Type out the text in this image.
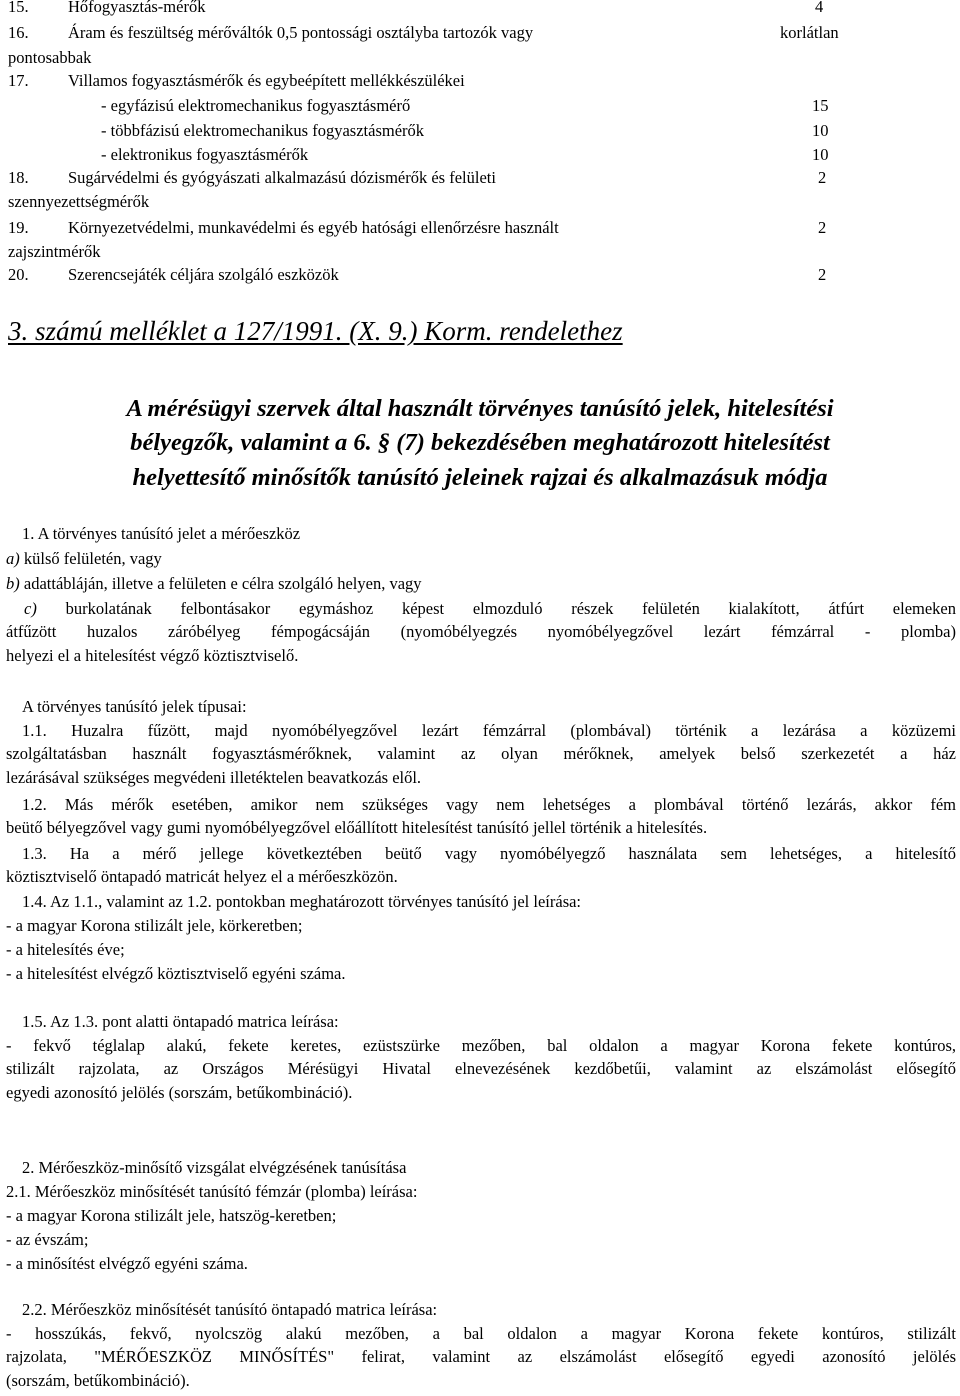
15. Hőfogyasztás-mérők	4
16. Áram és feszültség mérőváltók 0,5 pontossági osztályba tartozók vagy	korlátlan
pontosabbak
17. Villamos fogyasztásmérők és egybeépített mellékkészülékei
- egyfázisú elektromechanikus fogyasztásmérő	15
- többfázisú elektromechanikus fogyasztásmérők	10
- elektronikus fogyasztásmérők	10
18. Sugárvédelmi és gyógyászati alkalmazású dózismérők és felületi	2
szennyezettségmérők
19. Környezetvédelmi, munkavédelmi és egyéb hatósági ellenőrzésre használt	2
zajszintmérők
20. Szerencsejáték céljára szolgáló eszközök	2
3. számú melléklet a 127/1991. (X. 9.) Korm. rendelethez
A mérésügyi szervek által használt törvényes tanúsító jelek, hitelesítési
bélyegzők, valamint a 6. § (7) bekezdésében meghatározott hitelesítést
helyettesítő minősítők tanúsító jeleinek rajzai és alkalmazásuk módja
1. A törvényes tanúsító jelet a mérőeszköz
a) külső felületén, vagy
b) adattábláján, illetve a felületen e célra szolgáló helyen, vagy
c) burkolatának felbontásakor egymáshoz képest elmozduló részek felületén kialakított, átfúrt elemeken
átfűzött huzalos záróbélyeg fémpogácsáján (nyomóbélyegzés nyomóbélyegzővel lezárt fémzárral - plomba)
helyezi el a hitelesítést végző köztisztviselő.
A törvényes tanúsító jelek típusai:
1.1. Huzalra fűzött, majd nyomóbélyegzővel lezárt fémzárral (plombával) történik a lezárása a közüzemi
szolgáltatásban használt fogyasztásmérőknek, valamint az olyan mérőknek, amelyek belső szerkezetét a ház
lezárásával szükséges megvédeni illetéktelen beavatkozás elől.
1.2. Más mérők esetében, amikor nem szükséges vagy nem lehetséges a plombával történő lezárás, akkor fém
beütő bélyegzővel vagy gumi nyomóbélyegzővel előállított hitelesítést tanúsító jellel történik a hitelesítés.
1.3. Ha a mérő jellege következtében beütő vagy nyomóbélyegző használata sem lehetséges, a hitelesítő
köztisztviselő öntapadó matricát helyez el a mérőeszközön.
1.4. Az 1.1., valamint az 1.2. pontokban meghatározott törvényes tanúsító jel leírása:
- a magyar Korona stilizált jele, körkeretben;
- a hitelesítés éve;
- a hitelesítést elvégző köztisztviselő egyéni száma.
1.5. Az 1.3. pont alatti öntapadó matrica leírása:
- fekvő téglalap alakú, fekete keretes, ezüstszürke mezőben, bal oldalon a magyar Korona fekete kontúros,
stilizált rajzolata, az Országos Mérésügyi Hivatal elnevezésének kezdőbetűi, valamint az elszámolást elősegítő
egyedi azonosító jelölés (sorszám, betűkombináció).
2. Mérőeszköz-minősítő vizsgálat elvégzésének tanúsítása
2.1. Mérőeszköz minősítését tanúsító fémzár (plomba) leírása:
- a magyar Korona stilizált jele, hatszög-keretben;
- az évszám;
- a minősítést elvégző egyéni száma.
2.2. Mérőeszköz minősítését tanúsító öntapadó matrica leírása:
- hosszúkás, fekvő, nyolcszög alakú mezőben, a bal oldalon a magyar Korona fekete kontúros, stilizált
rajzolata, "MÉRŐESZKÖZ MINŐSÍTÉS" felirat, valamint az elszámolást elősegítő egyedi azonosító jelölés
(sorszám, betűkombináció).
